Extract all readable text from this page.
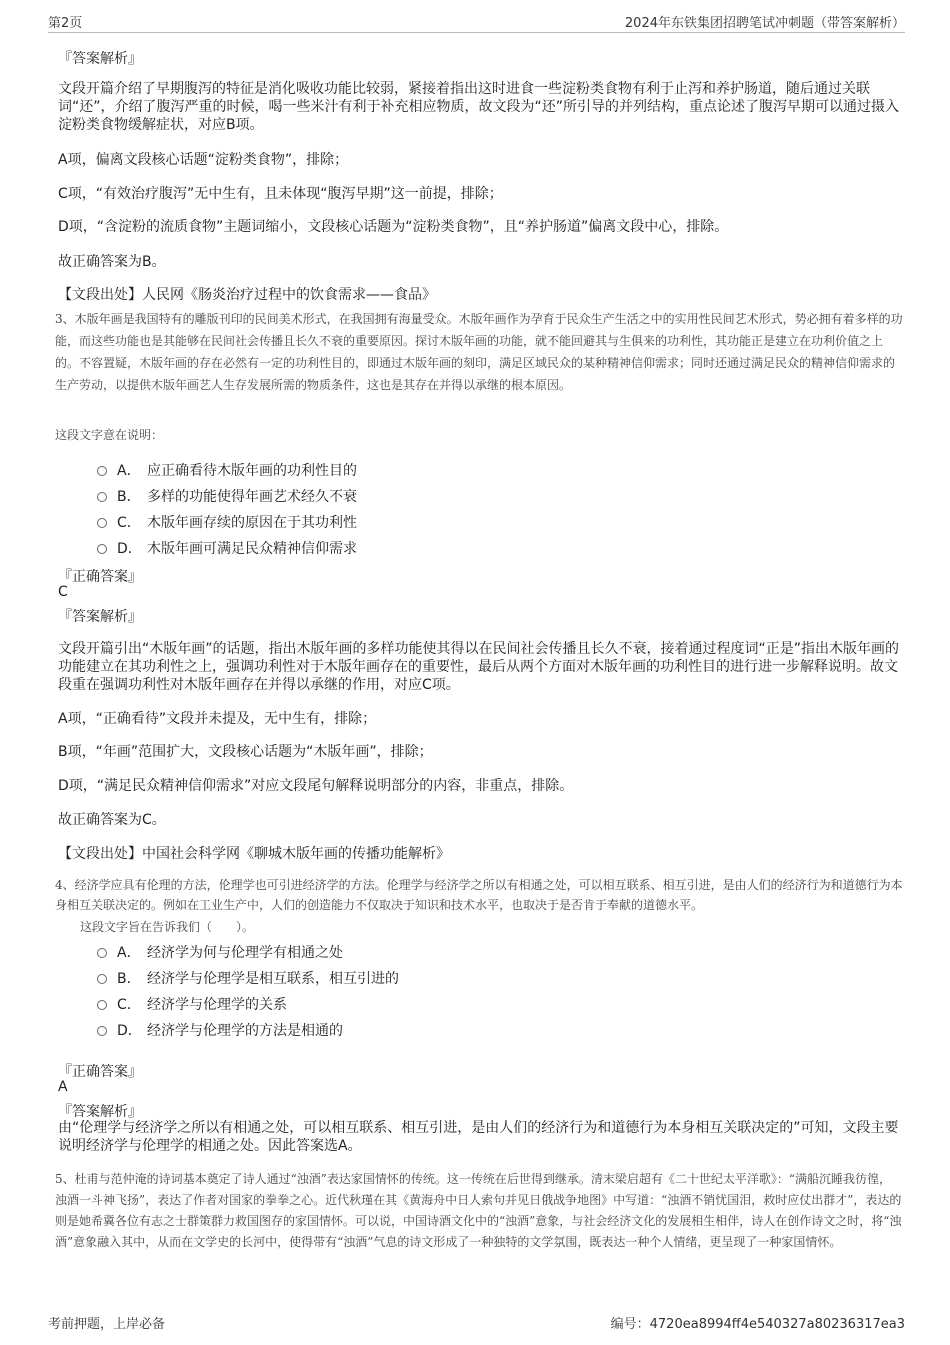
第2页	2024年东铁集团招聘笔试冲刺题（带答案解析）
『答案解析』
文段开篇介绍了早期腹泻的特征是消化吸收功能比较弱，紧接着指出这时进食一些淀粉类食物有利于止泻和养护肠道，随后通过关联词“还”，介绍了腹泻严重的时候，喝一些米汁有利于补充相应物质，故文段为“还”所引导的并列结构，重点论述了腹泻早期可以通过摄入淀粉类食物缓解症状，对应B项。
A项，偏离文段核心话题“淀粉类食物”，排除；
C项，“有效治疗腹泻”无中生有，且未体现“腹泻早期”这一前提，排除；
D项，“含淀粉的流质食物”主题词缩小，文段核心话题为“淀粉类食物”，且“养护肠道”偏离文段中心，排除。
故正确答案为B。
【文段出处】人民网《肠炎治疗过程中的饮食需求——食品》
3、木版年画是我国特有的雕版刊印的民间美术形式，在我国拥有海量受众。木版年画作为孕育于民众生产生活之中的实用性民间艺术形式，势必拥有着多样的功能，而这些功能也是其能够在民间社会传播且长久不衰的重要原因。探讨木版年画的功能，就不能回避其与生俱来的功利性，其功能正是建立在功利价值之上的。不容置疑，木版年画的存在必然有一定的功利性目的，即通过木版年画的刻印，满足区域民众的某种精神信仰需求；同时还通过满足民众的精神信仰需求的生产劳动，以提供木版年画艺人生存发展所需的物质条件，这也是其存在并得以承继的根本原因。
这段文字意在说明：
A． 应正确看待木版年画的功利性目的
B． 多样的功能使得年画艺术经久不衰
C． 木版年画存续的原因在于其功利性
D． 木版年画可满足民众精神信仰需求
『正确答案』
C
『答案解析』
文段开篇引出“木版年画”的话题，指出木版年画的多样功能使其得以在民间社会传播且长久不衰，接着通过程度词“正是”指出木版年画的功能建立在其功利性之上，强调功利性对于木版年画存在的重要性，最后从两个方面对木版年画的功利性目的进行进一步解释说明。故文段重在强调功利性对木版年画存在并得以承继的作用，对应C项。
A项，“正确看待”文段并未提及，无中生有，排除；
B项，“年画”范围扩大，文段核心话题为“木版年画”，排除；
D项，“满足民众精神信仰需求”对应文段尾句解释说明部分的内容，非重点，排除。
故正确答案为C。
【文段出处】中国社会科学网《聊城木版年画的传播功能解析》
4、经济学应具有伦理的方法，伦理学也可引进经济学的方法。伦理学与经济学之所以有相通之处，可以相互联系、相互引进，是由人们的经济行为和道德行为本身相互关联决定的。例如在工业生产中，人们的创造能力不仅取决于知识和技术水平，也取决于是否肯于奉献的道德水平。
这段文字旨在告诉我们（　　）。
A． 经济学为何与伦理学有相通之处
B． 经济学与伦理学是相互联系，相互引进的
C． 经济学与伦理学的关系
D． 经济学与伦理学的方法是相通的
『正确答案』
A
『答案解析』
由“伦理学与经济学之所以有相通之处，可以相互联系、相互引进，是由人们的经济行为和道德行为本身相互关联决定的”可知，文段主要说明经济学与伦理学的相通之处。因此答案选A。
5、杜甫与范仲淹的诗词基本奠定了诗人通过“浊酒”表达家国情怀的传统。这一传统在后世得到继承。清末梁启超有《二十世纪太平洋歌》：“满船沉睡我彷徨，浊酒一斗神飞扬”，表达了作者对国家的拳拳之心。近代秋瑾在其《黄海舟中日人索句并见日俄战争地图》中写道：“浊酒不销忧国泪，救时应仗出群才”，表达的则是她希冀各位有志之士群策群力救国图存的家国情怀。可以说，中国诗酒文化中的“浊酒”意象，与社会经济文化的发展相生相伴，诗人在创作诗文之时，将“浊酒”意象融入其中，从而在文学史的长河中，使得带有“浊酒”气息的诗文形成了一种独特的文学氛围，既表达一种个人情绪，更呈现了一种家国情怀。
考前押题，上岸必备	编号：4720ea8994ff4e540327a80236317ea3
